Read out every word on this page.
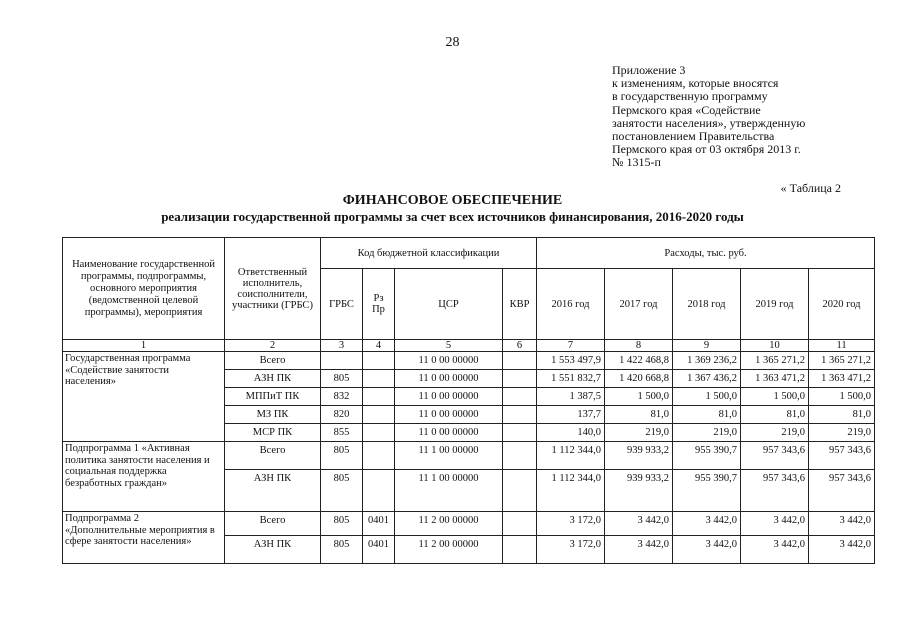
28
Приложение 3
к изменениям, которые вносятся
в государственную программу
Пермского края «Содействие
занятости населения», утвержденную
постановлением Правительства
Пермского края от 03 октября 2013 г.
№ 1315-п
« Таблица 2
ФИНАНСОВОЕ ОБЕСПЕЧЕНИЕ
реализации государственной программы за счет всех источников финансирования, 2016-2020 годы
Наименование государственной программы, подпрограммы, основного мероприятия (ведомственной целевой программы), мероприятия	Ответственный исполнитель, соисполнители, участники (ГРБС)	Код бюджетной классификации				Расходы, тыс. руб.				
		ГРБС	Рз
Пр	ЦСР	КВР	2016 год	2017 год	2018 год	2019 год	2020 год
1	2	3	4	5	6	7	8	9	10	11
Государственная программа «Содействие занятости населения»	Всего			11 0 00 00000		1 553 497,9	1 422 468,8	1 369 236,2	1 365 271,2	1 365 271,2
	АЗН ПК	805		11 0 00 00000		1 551 832,7	1 420 668,8	1 367 436,2	1 363 471,2	1 363 471,2
	МППиТ ПК	832		11 0 00 00000		1 387,5	1 500,0	1 500,0	1 500,0	1 500,0
	МЗ ПК	820		11 0 00 00000		137,7	81,0	81,0	81,0	81,0
	МСР ПК	855		11 0 00 00000		140,0	219,0	219,0	219,0	219,0
Подпрограмма 1 «Активная политика занятости населения и социальная поддержка безработных граждан»	Всего	805		11 1 00 00000		1 112 344,0	939 933,2	955 390,7	957 343,6	957 343,6
	АЗН ПК	805		11 1 00 00000		1 112 344,0	939 933,2	955 390,7	957 343,6	957 343,6
Подпрограмма 2 «Дополнительные мероприятия в сфере занятости населения»	Всего	805	0401	11 2 00 00000		3 172,0	3 442,0	3 442,0	3 442,0	3 442,0
	АЗН ПК	805	0401	11 2 00 00000		3 172,0	3 442,0	3 442,0	3 442,0	3 442,0
